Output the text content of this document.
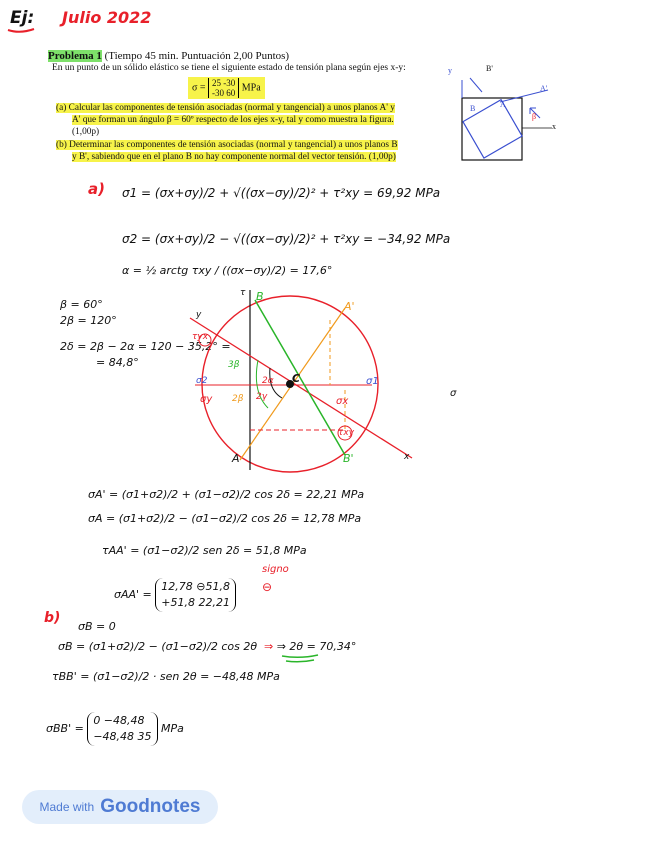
Ej: Julio 2022
Problema 1 (Tiempo 45 min. Puntuación 2,00 Puntos)
En un punto de un sólido elástico se tiene el siguiente estado de tensión plana según ejes x-y:
σ = 25 -30
-30 60 MPa
(a) Calcular las componentes de tensión asociadas (normal y tangencial) a unos planos A' y
A' que forman un ángulo β = 60º respecto de los ejes x-y, tal y como muestra la figura.
(1,00p)
(b) Determinar las componentes de tensión asociadas (normal y tangencial) a unos planos B
y B', sabiendo que en el plano B no hay componente normal del vector tensión. (1,00p)
y	B'
A'
x
B	A
β
a) σ1 = (σx+σy)/2 + √((σx−σy)/2)² + τ²xy = 69,92 MPa
σ2 = (σx+σy)/2 − √((σx−σy)/2)² + τ²xy = −34,92 MPa
α = ½ arctg τxy / ((σx−σy)/2) = 17,6°
β = 60°
2β = 120°
2δ = 2β − 2α = 120 − 35,2° =
= 84,8°
B
B'
A
A'
C	σ1
σ2
σy	σx
σ
τ
τyx
τxy
y
x
2α
2β 2γ
3β
σA' = (σ1+σ2)/2 + (σ1−σ2)/2 cos 2δ = 22,21 MPa
σA = (σ1+σ2)/2 − (σ1−σ2)/2 cos 2δ = 12,78 MPa
τAA' = (σ1−σ2)/2 sen 2δ = 51,8 MPa
σAA' =
12,78 ⊖51,8
+51,8 22,21
signo
⊖
b)
σB = 0
σB = (σ1+σ2)/2 − (σ1−σ2)/2 cos 2θ ⇒ ⇒ 2θ = 70,34°
τBB' = (σ1−σ2)/2 · sen 2θ = −48,48 MPa
σBB' =
0 −48,48
−48,48 35
MPa
Made with Goodnotes
